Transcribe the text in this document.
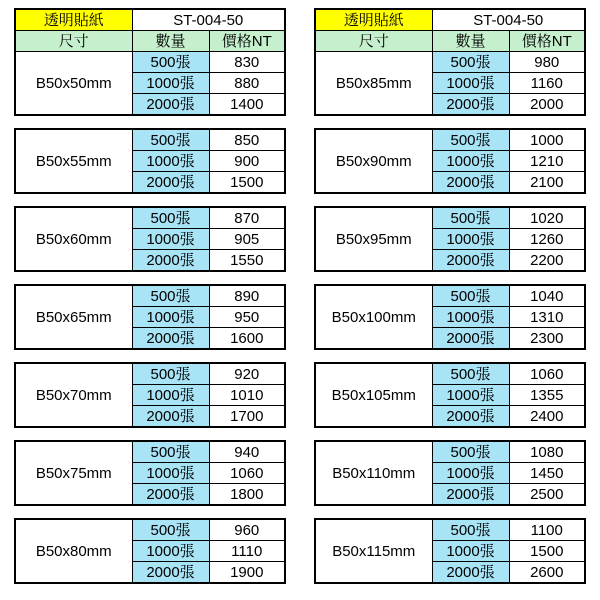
透明貼紙	ST-004-50	
尺寸	數量	價格NT
B50x50mm	500張	830
	1000張	880
	2000張	1400
B50x55mm	500張	850
	1000張	900
	2000張	1500
B50x60mm	500張	870
	1000張	905
	2000張	1550
B50x65mm	500張	890
	1000張	950
	2000張	1600
B50x70mm	500張	920
	1000張	1010
	2000張	1700
B50x75mm	500張	940
	1000張	1060
	2000張	1800
B50x80mm	500張	960
	1000張	1110
	2000張	1900
透明貼紙	ST-004-50	
尺寸	數量	價格NT
B50x85mm	500張	980
	1000張	1160
	2000張	2000
B50x90mm	500張	1000
	1000張	1210
	2000張	2100
B50x95mm	500張	1020
	1000張	1260
	2000張	2200
B50x100mm	500張	1040
	1000張	1310
	2000張	2300
B50x105mm	500張	1060
	1000張	1355
	2000張	2400
B50x110mm	500張	1080
	1000張	1450
	2000張	2500
B50x115mm	500張	1100
	1000張	1500
	2000張	2600
